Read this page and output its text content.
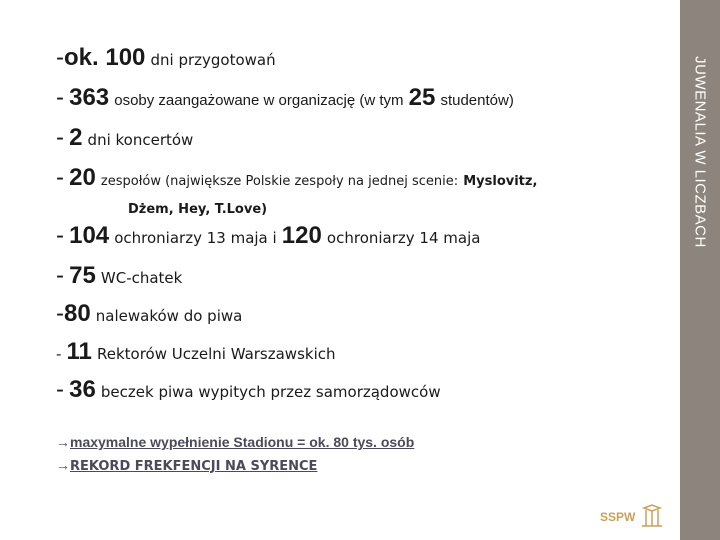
JUWENALIA W LICZBACH
-ok. 100 dni przygotowań
- 363 osoby zaangażowane w organizację (w tym 25 studentów)
- 2 dni koncertów
- 20 zespołów (największe Polskie zespoły na jednej scenie: Myslovitz,
Dżem, Hey, T.Love)
- 104 ochroniarzy 13 maja i 120 ochroniarzy 14 maja
- 75 WC-chatek
-80 nalewaków do piwa
- 11 Rektorów Uczelni Warszawskich
- 36 beczek piwa wypitych przez samorządowców
→maxymalne wypełnienie Stadionu = ok. 80 tys. osób
→REKORD FREKFENCJI NA SYRENCE
SSPW
